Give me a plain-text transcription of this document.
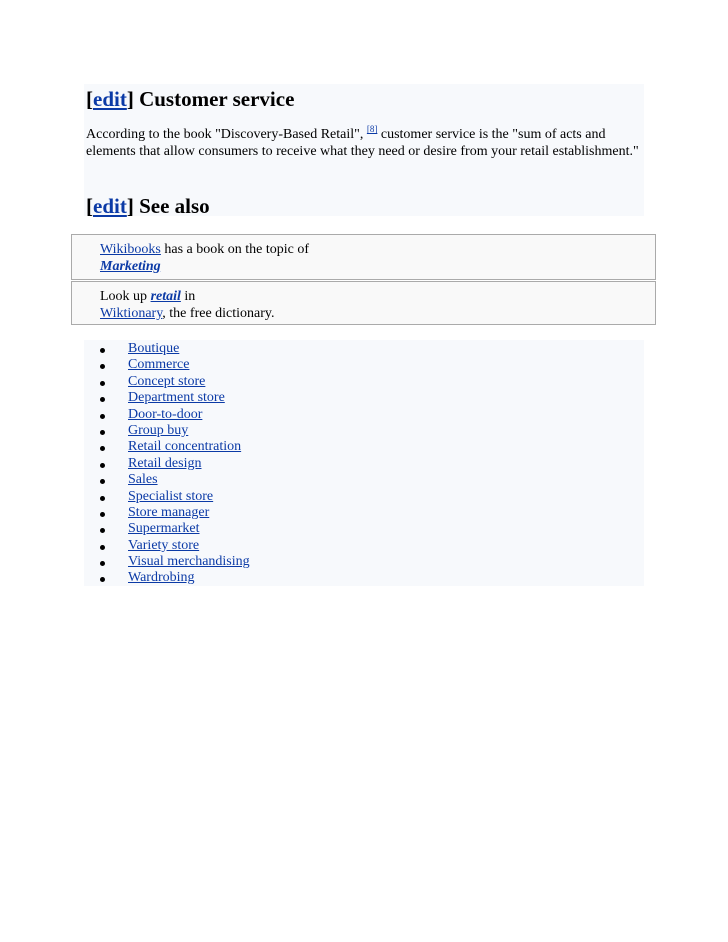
[edit] Customer service
According to the book "Discovery-Based Retail", [8] customer service is the "sum of acts and elements that allow consumers to receive what they need or desire from your retail establishment."
[edit] See also
Wikibooks has a book on the topic of
Marketing
Look up retail in
Wiktionary, the free dictionary.
Boutique
Commerce
Concept store
Department store
Door-to-door
Group buy
Retail concentration
Retail design
Sales
Specialist store
Store manager
Supermarket
Variety store
Visual merchandising
Wardrobing
